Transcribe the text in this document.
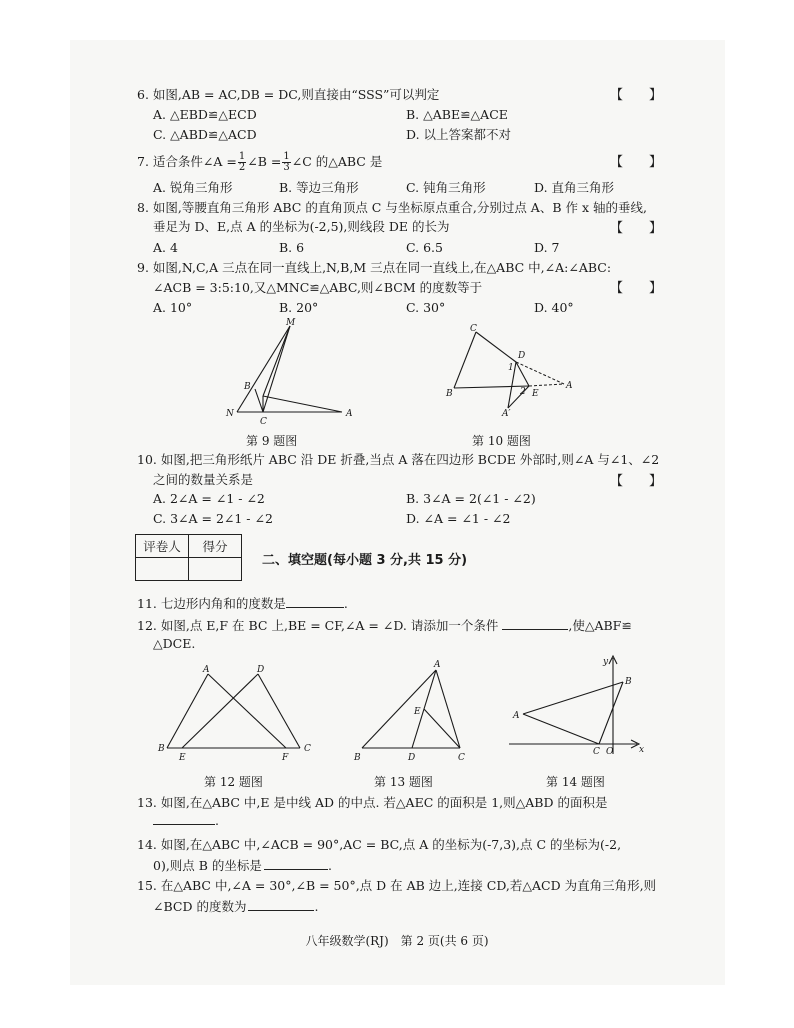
6. 如图,AB = AC,DB = DC,则直接由“SSS”可以判定	【　　】
A. △EBD≌△ECD	B. △ABE≌△ACE
C. △ABD≌△ACD	D. 以上答案都不对
7. 适合条件∠A = $\frac{1}{2}$ ∠B = $\frac{1}{3}$ ∠C 的△ABC 是	【　　】
A. 锐角三角形	B. 等边三角形	C. 钝角三角形	D. 直角三角形
8. 如图,等腰直角三角形 ABC 的直角顶点 C 与坐标原点重合,分别过点 A、B 作 x 轴的垂线,
垂足为 D、E,点 A 的坐标为(-2,5),则线段 DE 的长为	【　　】
A. 4	B. 6	C. 6.5	D. 7
9. 如图,N,C,A 三点在同一直线上,N,B,M 三点在同一直线上,在△ABC 中,∠A:∠ABC:
∠ACB = 3:5:10,又△MNC≌△ABC,则∠BCM 的度数等于	【　　】
A. 10°	B. 20°	C. 30°	D. 40°
M
B
N
C
A
第 9 题图
C
D
1
2
B	E
A
A′
第 10 题图
10. 如图,把三角形纸片 ABC 沿 DE 折叠,当点 A 落在四边形 BCDE 外部时,则∠A 与∠1、∠2
之间的数量关系是	【　　】
A. 2∠A = ∠1 - ∠2	B. 3∠A = 2(∠1 - ∠2)
C. 3∠A = 2∠1 - ∠2	D. ∠A = ∠1 - ∠2
评卷人	得分

二、填空题(每小题 3 分,共 15 分)
11. 七边形内角和的度数是	.
12. 如图,点 E,F 在 BC 上,BE = CF,∠A = ∠D. 请添加一个条件	,使△ABF≌
△DCE.
A	D
B
E	F
C
第 12 题图
A
E
B	D	C
第 13 题图
y
B
A
C O	x
第 14 题图
13. 如图,在△ABC 中,E 是中线 AD 的中点. 若△AEC 的面积是 1,则△ABD 的面积是
.
14. 如图,在△ABC 中,∠ACB = 90°,AC = BC,点 A 的坐标为(-7,3),点 C 的坐标为(-2,
0),则点 B 的坐标是	.
15. 在△ABC 中,∠A = 30°,∠B = 50°,点 D 在 AB 边上,连接 CD,若△ACD 为直角三角形,则
∠BCD 的度数为	.
八年级数学(RJ)　第 2 页(共 6 页)
